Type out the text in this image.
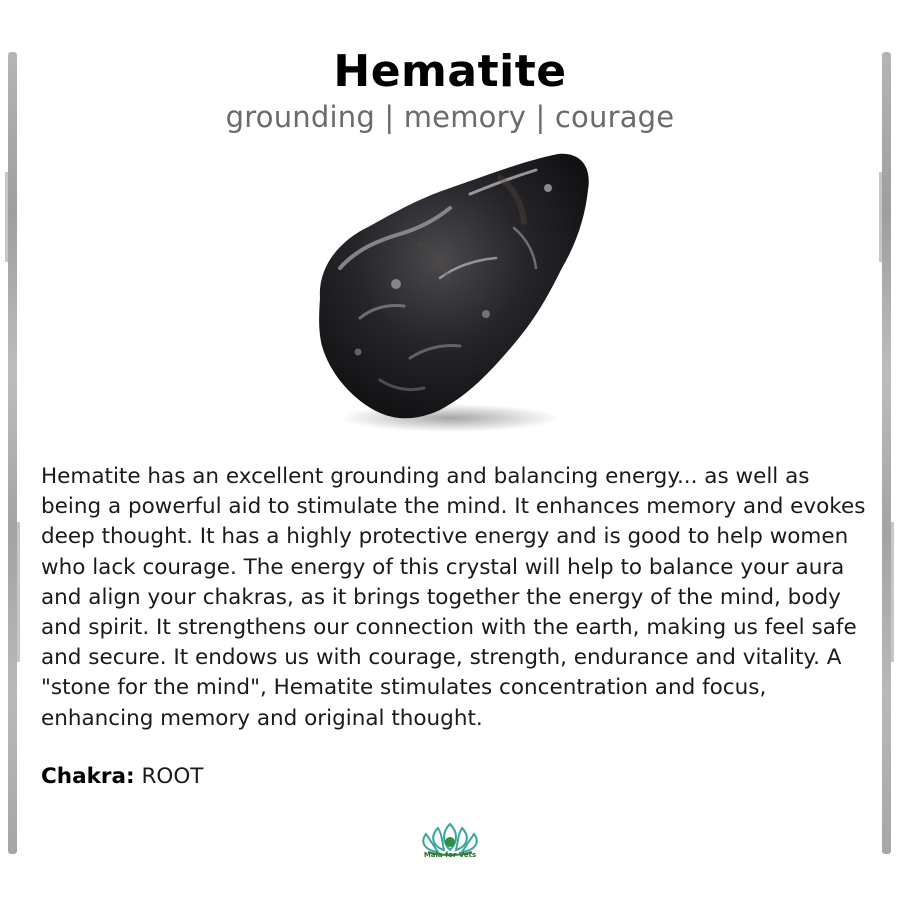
Hematite
grounding | memory | courage

Hematite has an excellent grounding and balancing energy... as well as being a powerful aid to stimulate the mind. It enhances memory and evokes deep thought. It has a highly protective energy and is good to help women who lack courage. The energy of this crystal will help to balance your aura and align your chakras, as it brings together the energy of the mind, body and spirit. It strengthens our connection with the earth, making us feel safe and secure. It endows us with courage, strength, endurance and vitality. A "stone for the mind", Hematite stimulates concentration and focus, enhancing memory and original thought.

Chakra: ROOT
Mala for Vets
